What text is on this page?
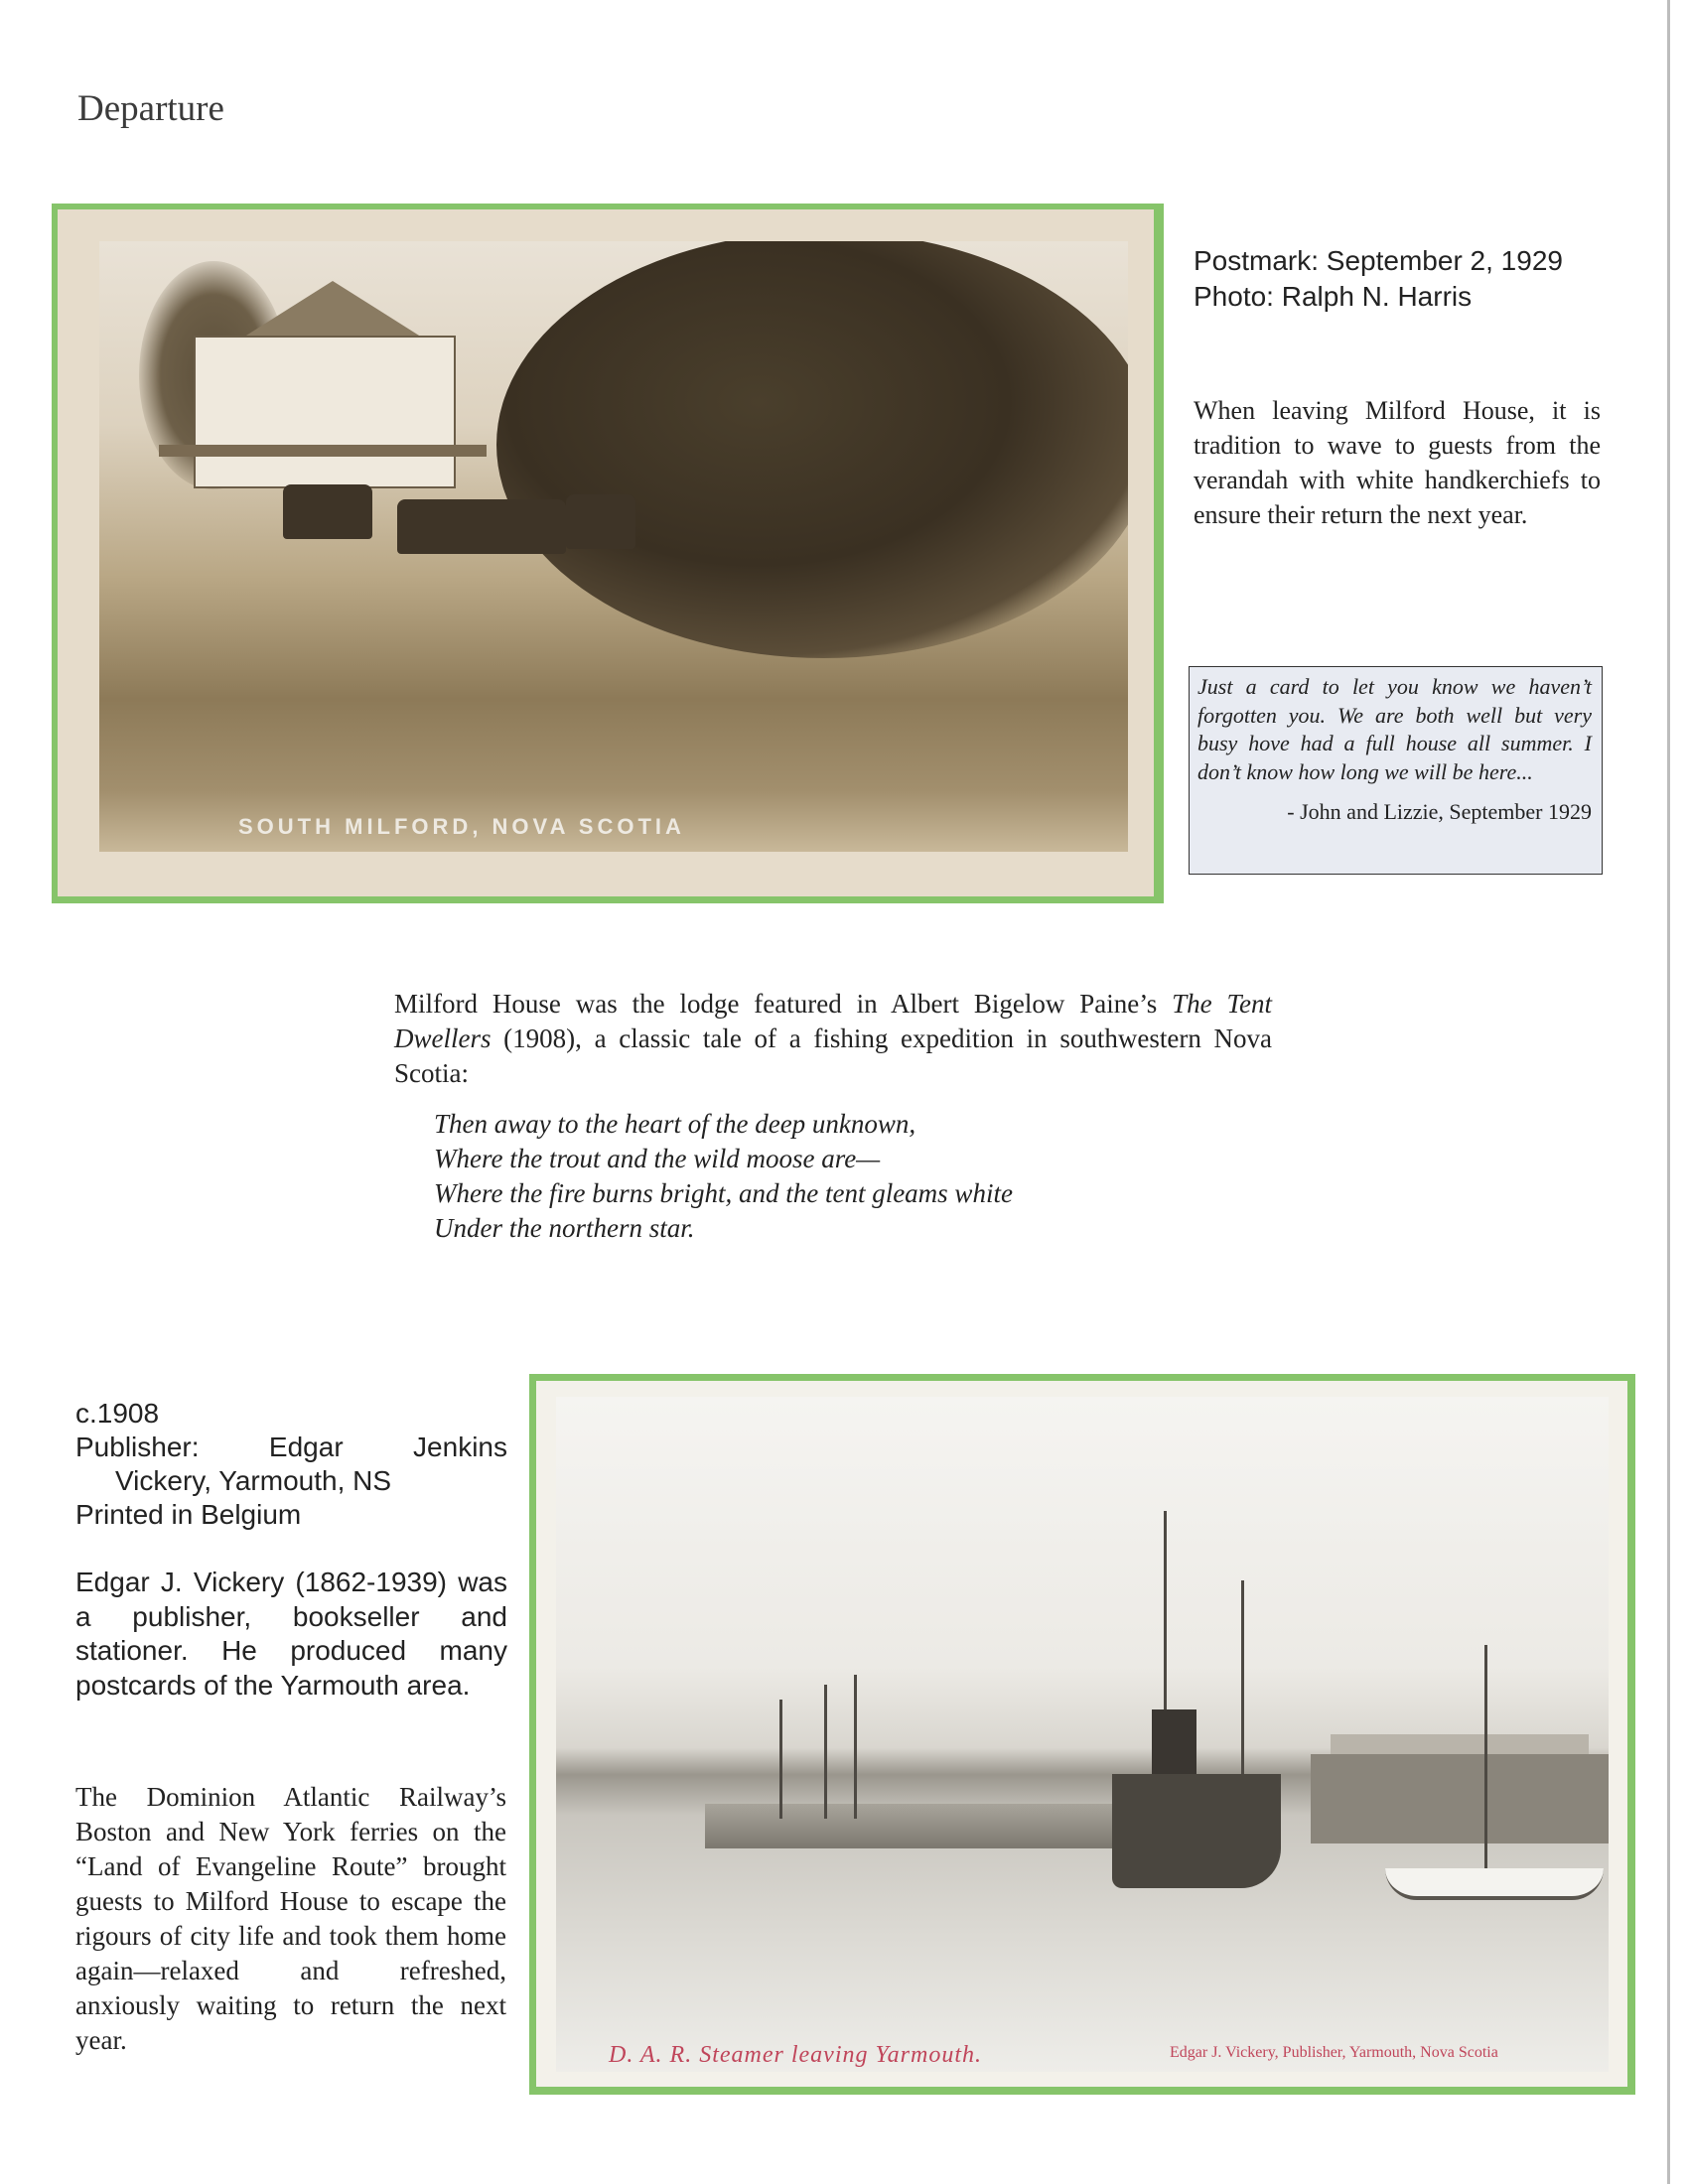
Departure
SOUTH MILFORD, NOVA SCOTIA
Postmark: September 2, 1929
Photo: Ralph N. Harris
When leaving Milford House, it is tradition to wave to guests from the verandah with white handkerchiefs to ensure their return the next year.
Just a card to let you know we haven’t forgotten you. We are both well but very busy hove had a full house all summer. I don’t know how long we will be here...
- John and Lizzie, September 1929
Milford House was the lodge featured in Albert Bigelow Paine’s The Tent Dwellers (1908), a classic tale of a fishing expedition in southwestern Nova Scotia:
Then away to the heart of the deep unknown,
Where the trout and the wild moose are—
Where the fire burns bright, and the tent gleams white
Under the northern star.
c.1908
Publisher:	Edgar	Jenkins
Vickery, Yarmouth, NS
Printed in Belgium
Edgar J. Vickery (1862-1939) was a publisher, bookseller and stationer. He produced many postcards of the Yarmouth area.
The Dominion Atlantic Railway’s Boston and New York ferries on the “Land of Evangeline Route” brought guests to Milford House to escape the rigours of city life and took them home again—relaxed and refreshed, anxiously waiting to return the next year.	D. A. R. Steamer leaving Yarmouth.	Edgar J. Vickery, Publisher, Yarmouth, Nova Scotia
